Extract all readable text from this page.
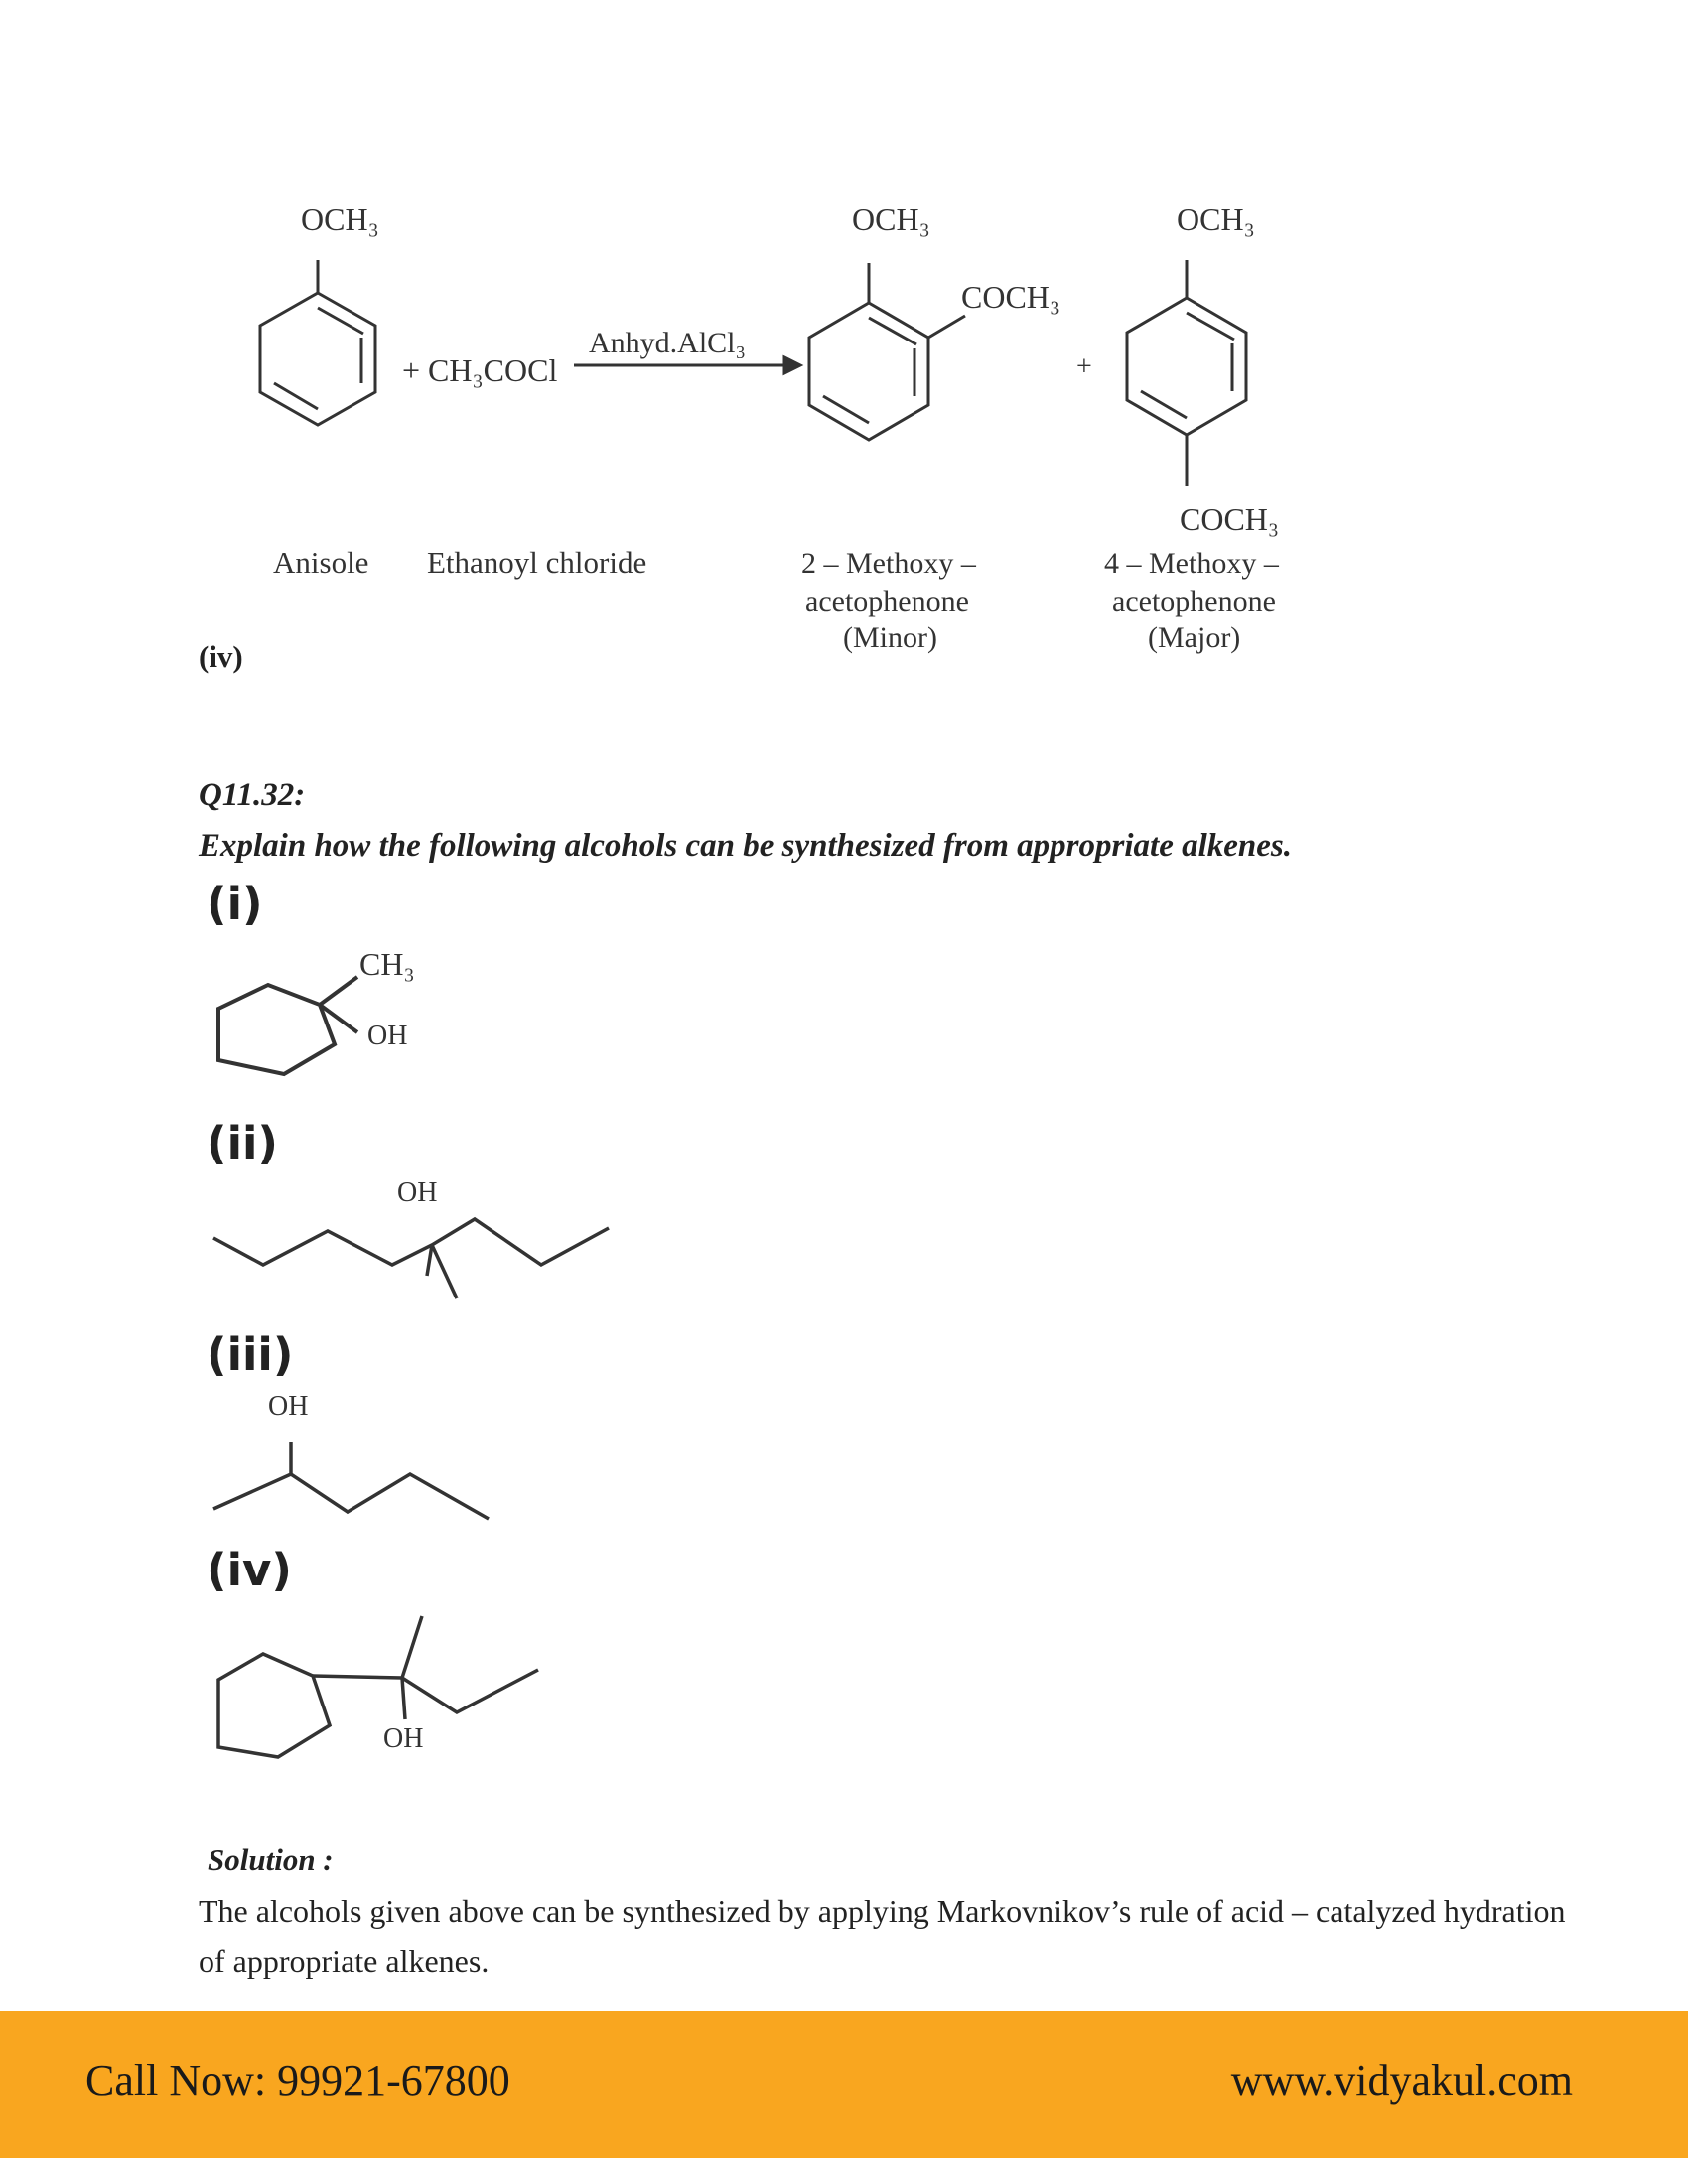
OCH₃
+ CH₃COCl
Anhyd.AlCl₃
OCH₃
COCH₃
+
OCH₃
COCH₃
Anisole Ethanoyl chloride	2 – Methoxy –
acetophenone
(Minor)
4 – Methoxy –
acetophenone
(Major)
(iv)
Q11.32:
Explain how the following alcohols can be synthesized from appropriate alkenes.
(i)
CH₃
OH
(ii)
OH
(iii)
OH
(iv)
OH
Solution :
The alcohols given above can be synthesized by applying Markovnikov’s rule of acid – catalyzed hydration of appropriate alkenes.
Call Now: 99921-67800	www.vidyakul.com
